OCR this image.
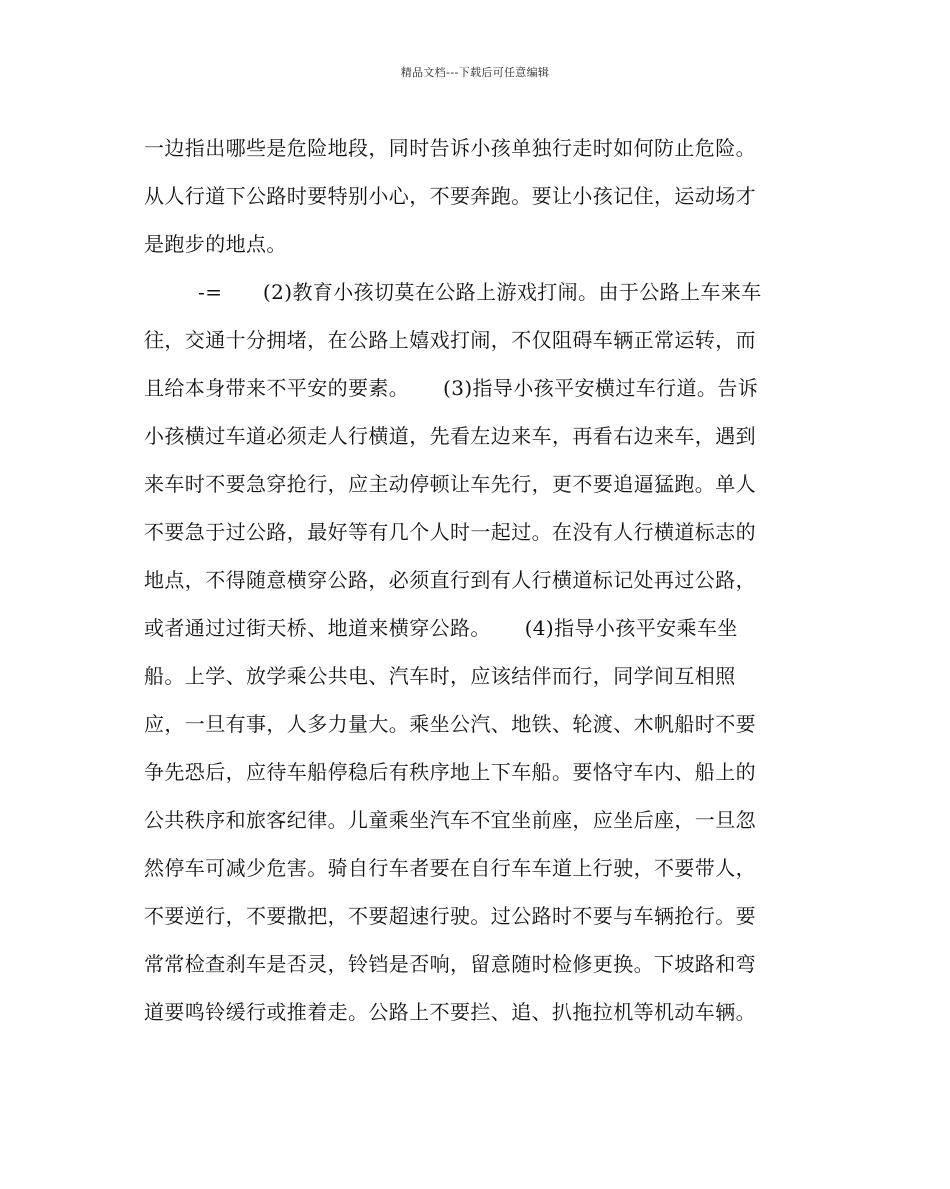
精品文档---下载后可任意编辑
一边指出哪些是危险地段，同时告诉小孩单独行走时如何防止危险。
从人行道下公路时要特别小心，不要奔跑。要让小孩记住，运动场才
是跑步的地点。
-=      (2)教育小孩切莫在公路上游戏打闹。由于公路上车来车
往，交通十分拥堵，在公路上嬉戏打闹，不仅阻碍车辆正常运转，而
且给本身带来不平安的要素。     (3)指导小孩平安横过车行道。告诉
小孩横过车道必须走人行横道，先看左边来车，再看右边来车，遇到
来车时不要急穿抢行，应主动停顿让车先行，更不要追逼猛跑。单人
不要急于过公路，最好等有几个人时一起过。在没有人行横道标志的
地点，不得随意横穿公路，必须直行到有人行横道标记处再过公路，
或者通过过街天桥、地道来横穿公路。     (4)指导小孩平安乘车坐
船。上学、放学乘公共电、汽车时，应该结伴而行，同学间互相照
应，一旦有事，人多力量大。乘坐公汽、地铁、轮渡、木帆船时不要
争先恐后，应待车船停稳后有秩序地上下车船。要恪守车内、船上的
公共秩序和旅客纪律。儿童乘坐汽车不宜坐前座，应坐后座，一旦忽
然停车可减少危害。骑自行车者要在自行车车道上行驶，不要带人，
不要逆行，不要撒把，不要超速行驶。过公路时不要与车辆抢行。要
常常检查刹车是否灵，铃铛是否响，留意随时检修更换。下坡路和弯
道要鸣铃缓行或推着走。公路上不要拦、追、扒拖拉机等机动车辆。
